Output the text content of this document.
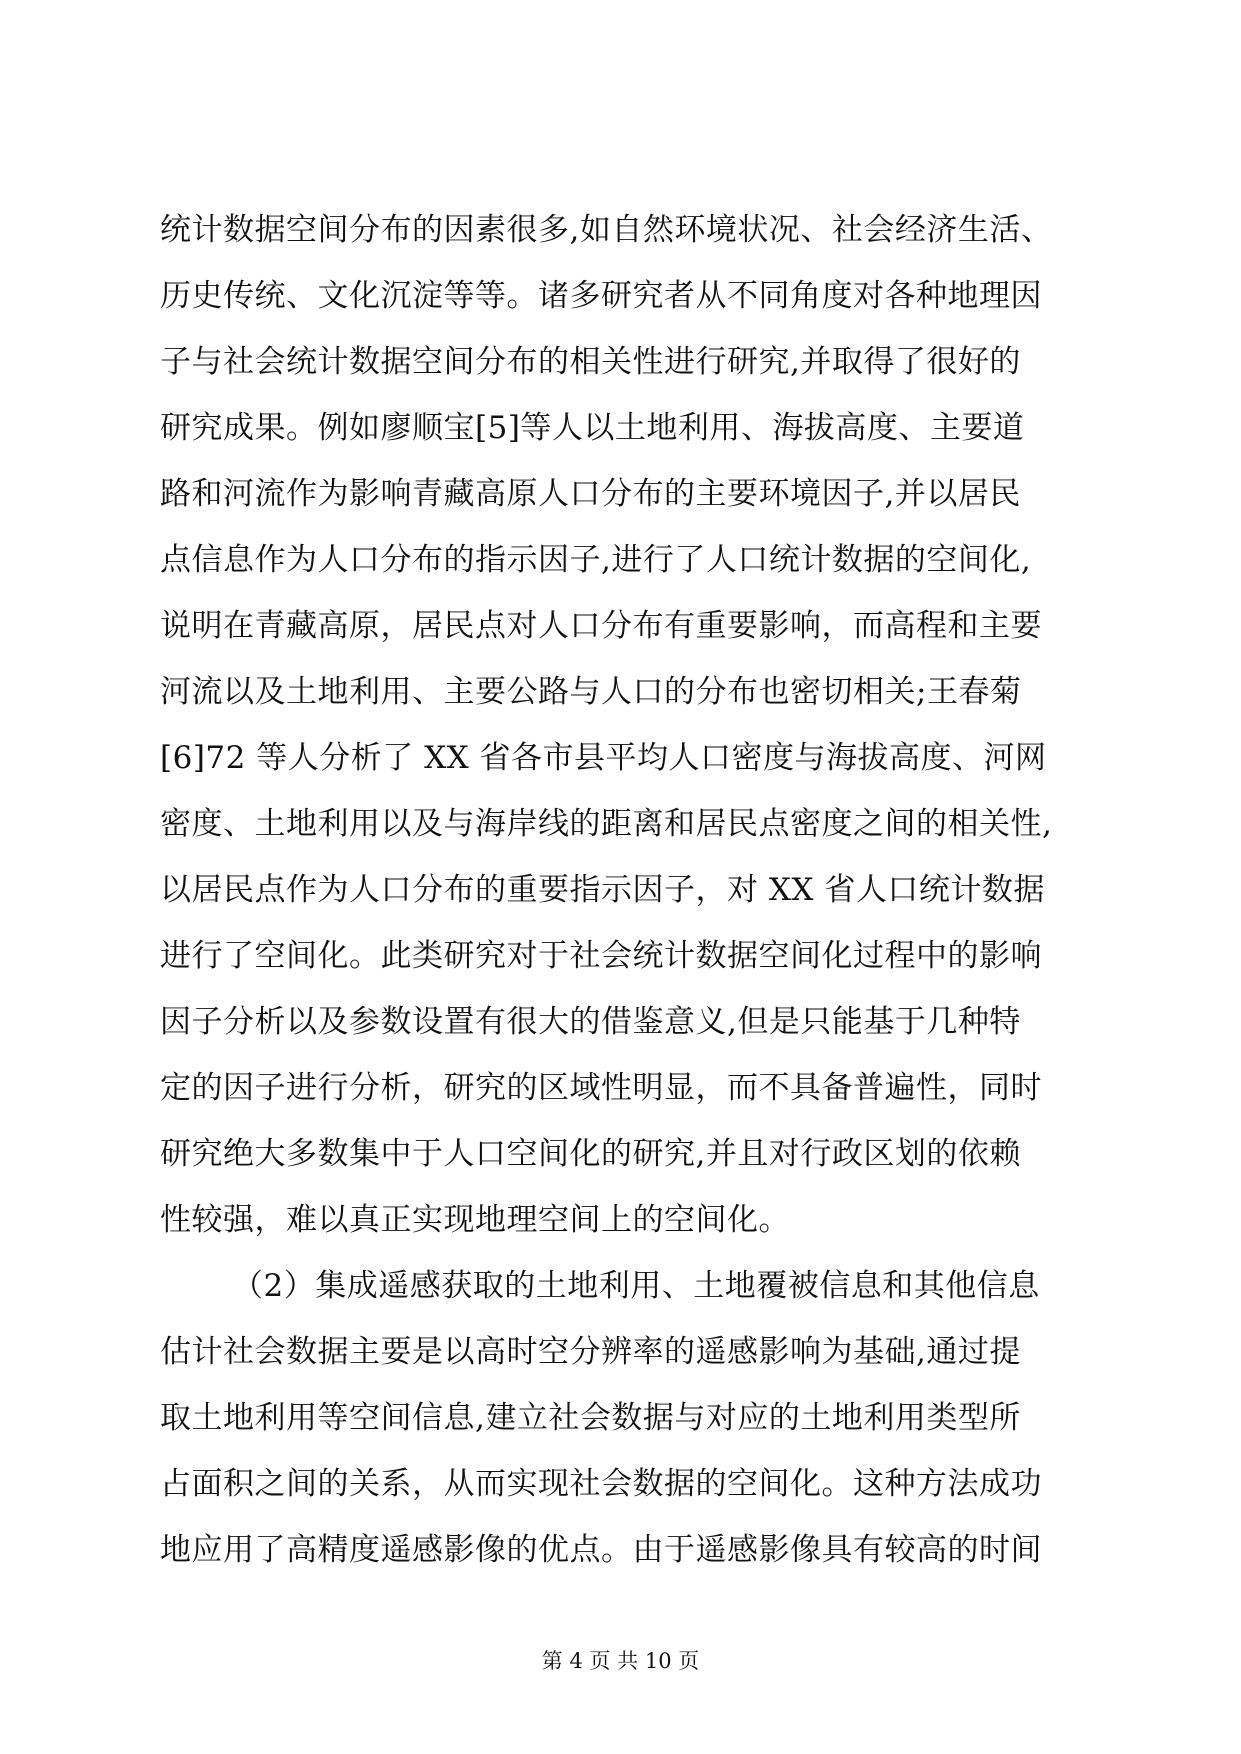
统计数据空间分布的因素很多,如自然环境状况、社会经济生活、
历史传统、文化沉淀等等。诸多研究者从不同角度对各种地理因
子与社会统计数据空间分布的相关性进行研究,并取得了很好的
研究成果。例如廖顺宝[5]等人以土地利用、海拔高度、主要道
路和河流作为影响青藏高原人口分布的主要环境因子,并以居民
点信息作为人口分布的指示因子,进行了人口统计数据的空间化,
说明在青藏高原，居民点对人口分布有重要影响，而高程和主要
河流以及土地利用、主要公路与人口的分布也密切相关;王春菊
[6]72 等人分析了 XX 省各市县平均人口密度与海拔高度、河网
密度、土地利用以及与海岸线的距离和居民点密度之间的相关性,
以居民点作为人口分布的重要指示因子，对 XX 省人口统计数据
进行了空间化。此类研究对于社会统计数据空间化过程中的影响
因子分析以及参数设置有很大的借鉴意义,但是只能基于几种特
定的因子进行分析，研究的区域性明显，而不具备普遍性，同时
研究绝大多数集中于人口空间化的研究,并且对行政区划的依赖
性较强，难以真正实现地理空间上的空间化。
（2）集成遥感获取的土地利用、土地覆被信息和其他信息
估计社会数据主要是以高时空分辨率的遥感影响为基础,通过提
取土地利用等空间信息,建立社会数据与对应的土地利用类型所
占面积之间的关系，从而实现社会数据的空间化。这种方法成功
地应用了高精度遥感影像的优点。由于遥感影像具有较高的时间
第 4 页 共 10 页
